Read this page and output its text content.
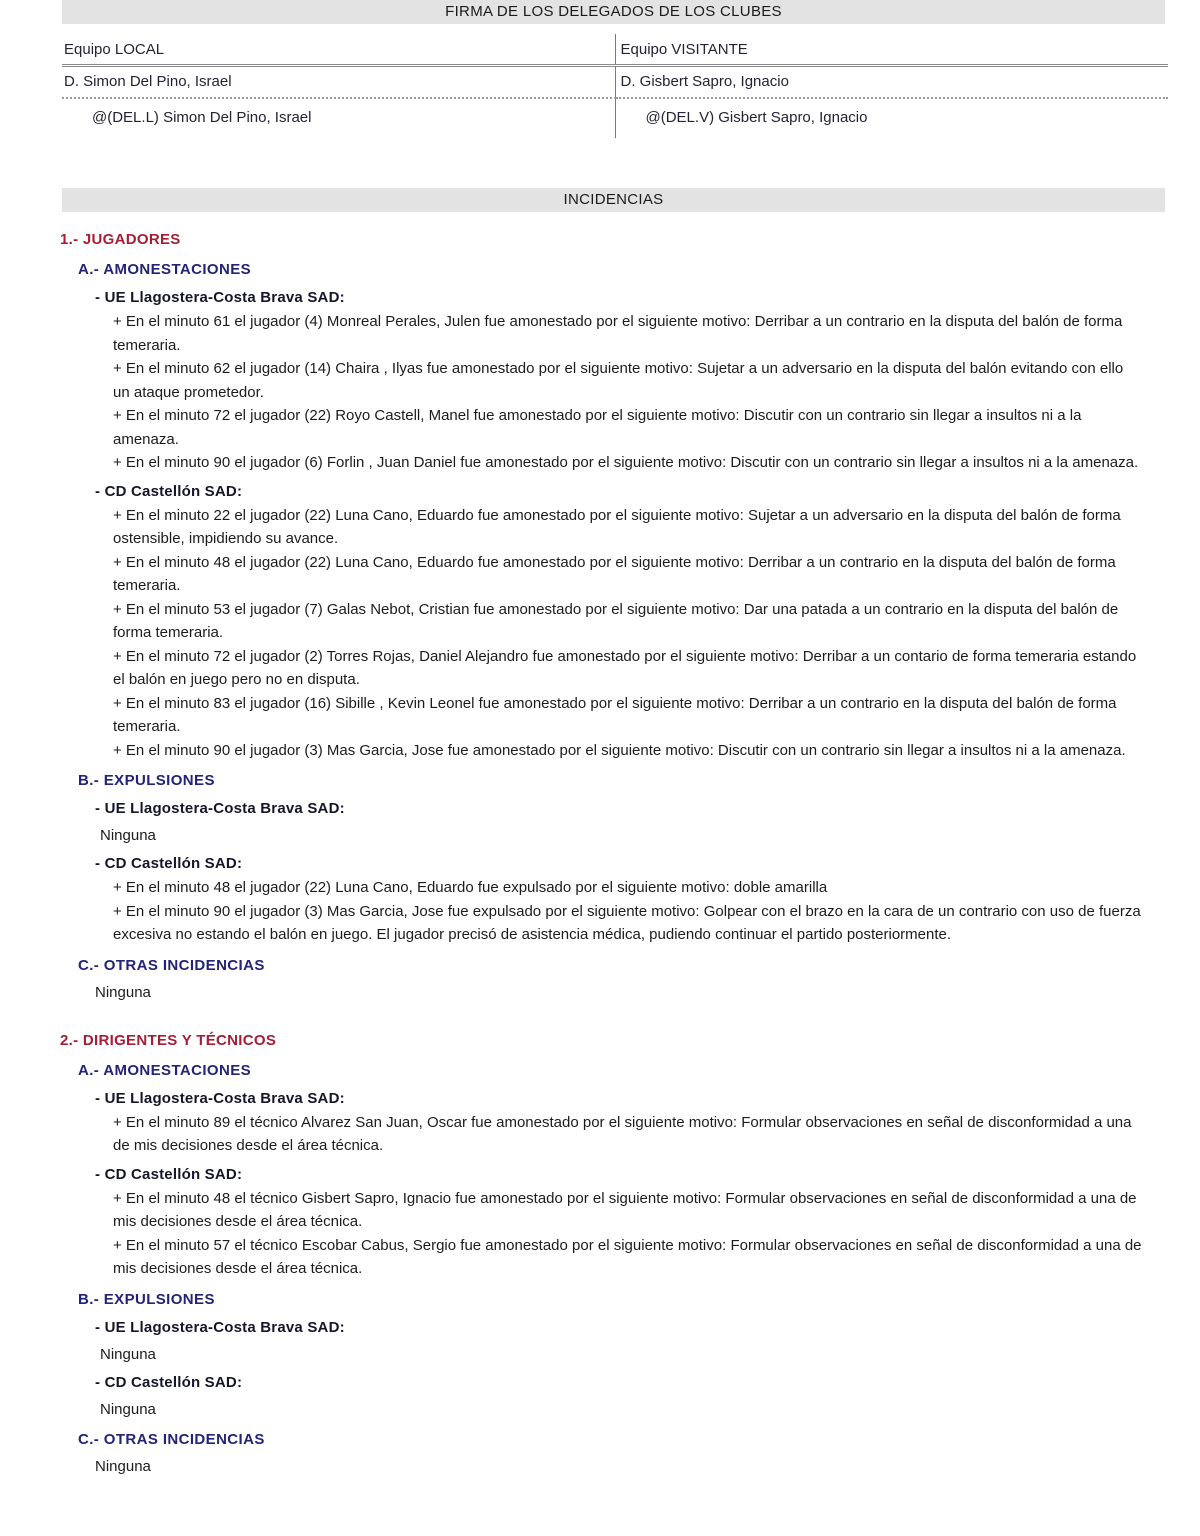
FIRMA DE LOS DELEGADOS DE LOS CLUBES
Equipo LOCAL	Equipo VISITANTE
D. Simon Del Pino, Israel	D. Gisbert Sapro, Ignacio
@(DEL.L) Simon Del Pino, Israel	@(DEL.V) Gisbert Sapro, Ignacio
INCIDENCIAS
1.- JUGADORES
A.- AMONESTACIONES
- UE Llagostera-Costa Brava SAD:
+ En el minuto 61 el jugador (4) Monreal Perales, Julen fue amonestado por el siguiente motivo: Derribar a un contrario en la disputa del balón de forma temeraria.
+ En el minuto 62 el jugador (14) Chaira , Ilyas fue amonestado por el siguiente motivo: Sujetar a un adversario en la disputa del balón evitando con ello un ataque prometedor.
+ En el minuto 72 el jugador (22) Royo Castell, Manel fue amonestado por el siguiente motivo: Discutir con un contrario sin llegar a insultos ni a la amenaza.
+ En el minuto 90 el jugador (6) Forlin , Juan Daniel fue amonestado por el siguiente motivo: Discutir con un contrario sin llegar a insultos ni a la amenaza.
- CD Castellón SAD:
+ En el minuto 22 el jugador (22) Luna Cano, Eduardo fue amonestado por el siguiente motivo: Sujetar a un adversario en la disputa del balón de forma ostensible, impidiendo su avance.
+ En el minuto 48 el jugador (22) Luna Cano, Eduardo fue amonestado por el siguiente motivo: Derribar a un contrario en la disputa del balón de forma temeraria.
+ En el minuto 53 el jugador (7) Galas Nebot, Cristian fue amonestado por el siguiente motivo: Dar una patada a un contrario en la disputa del balón de forma temeraria.
+ En el minuto 72 el jugador (2) Torres Rojas, Daniel Alejandro fue amonestado por el siguiente motivo: Derribar a un contario de forma temeraria estando el balón en juego pero no en disputa.
+ En el minuto 83 el jugador (16) Sibille , Kevin Leonel fue amonestado por el siguiente motivo: Derribar a un contrario en la disputa del balón de forma temeraria.
+ En el minuto 90 el jugador (3) Mas Garcia, Jose fue amonestado por el siguiente motivo: Discutir con un contrario sin llegar a insultos ni a la amenaza.
B.- EXPULSIONES
- UE Llagostera-Costa Brava SAD:
Ninguna
- CD Castellón SAD:
+ En el minuto 48 el jugador (22) Luna Cano, Eduardo fue expulsado por el siguiente motivo: doble amarilla
+ En el minuto 90 el jugador (3) Mas Garcia, Jose fue expulsado por el siguiente motivo: Golpear con el brazo en la cara de un contrario con uso de fuerza excesiva no estando el balón en juego. El jugador precisó de asistencia médica, pudiendo continuar el partido posteriormente.
C.- OTRAS INCIDENCIAS
Ninguna
2.- DIRIGENTES Y TÉCNICOS
A.- AMONESTACIONES
- UE Llagostera-Costa Brava SAD:
+ En el minuto 89 el técnico Alvarez San Juan, Oscar fue amonestado por el siguiente motivo: Formular observaciones en señal de disconformidad a una de mis decisiones desde el área técnica.
- CD Castellón SAD:
+ En el minuto 48 el técnico Gisbert Sapro, Ignacio fue amonestado por el siguiente motivo: Formular observaciones en señal de disconformidad a una de mis decisiones desde el área técnica.
+ En el minuto 57 el técnico Escobar Cabus, Sergio fue amonestado por el siguiente motivo: Formular observaciones en señal de disconformidad a una de mis decisiones desde el área técnica.
B.- EXPULSIONES
- UE Llagostera-Costa Brava SAD:
Ninguna
- CD Castellón SAD:
Ninguna
C.- OTRAS INCIDENCIAS
Ninguna
